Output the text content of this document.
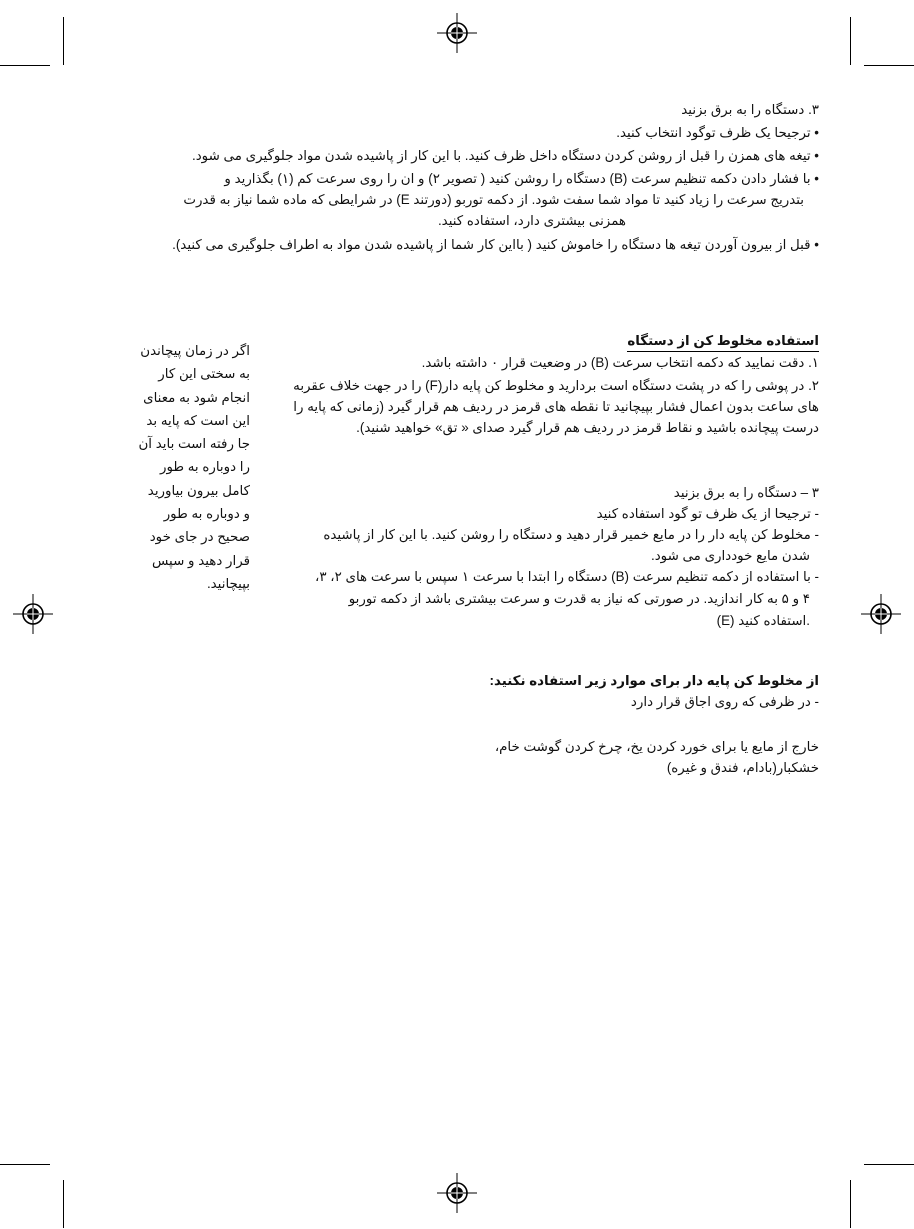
۳. دستگاه را به برق بزنید
• ترجیحا یک ظرف توگود انتخاب کنید.
• تیغه های همزن را قبل از روشن کردن دستگاه داخل ظرف کنید. با این کار از پاشیده شدن مواد جلوگیری می شود.
• با فشار دادن دکمه تنظیم سرعت (B) دستگاه را روشن کنید ( تصویر ۲) و ان را روی سرعت کم (۱) بگذارید و
بتدریج سرعت را زیاد کنید تا مواد شما سفت شود. از دکمه توربو (دورتند E) در شرایطی که ماده شما نیاز به قدرت
همزنی بیشتری دارد، استفاده کنید.
• قبل از بیرون آوردن تیغه ها دستگاه را خاموش کنید ( بااین کار شما از پاشیده شدن مواد به اطراف جلوگیری می کنید).
اگر در زمان پیچاندن
به سختی این کار
انجام شود به معنای
این است که پایه بد
جا رفته است باید آن
را دوباره به طور
کامل بیرون بیاورید
و دوباره به طور
صحیح در جای خود
قرار دهید و سپس
بپیچانید.
استفاده مخلوط کن از دستگاه
۱. دقت نمایید که دکمه انتخاب سرعت (B) در وضعیت قرار ۰ داشته باشد.
۲. در پوشی را که در پشت دستگاه است بردارید و مخلوط کن پایه دار(F) را در جهت خلاف عقربه
های ساعت بدون اعمال فشار بپیچانید تا نقطه های قرمز در ردیف هم قرار گیرد (زمانی که پایه را
درست پیچانده باشید و نقاط قرمز در ردیف هم قرار گیرد صدای « تق» خواهید شنید).
۳ – دستگاه را به برق بزنید
- ترجیحا از یک ظرف تو گود استفاده کنید
- مخلوط کن پایه دار را در مایع خمیر قرار دهید و دستگاه را روشن کنید. با این کار از پاشیده
شدن مایع خودداری می شود.
- با استفاده از دکمه تنظیم سرعت (B) دستگاه را ابتدا با سرعت ۱ سپس با سرعت های ۲، ۳،
۴ و ۵ به کار اندازید. در صورتی که نیاز به قدرت و سرعت بیشتری باشد از دکمه توربو
(E) استفاده کنید.
از مخلوط کن پایه دار برای موارد زیر استفاده نکنید:
- در ظرفی که روی اجاق قرار دارد
خارج از مایع یا برای خورد کردن یخ، چرخ کردن گوشت خام،
خشکبار(بادام، فندق و غیره)
